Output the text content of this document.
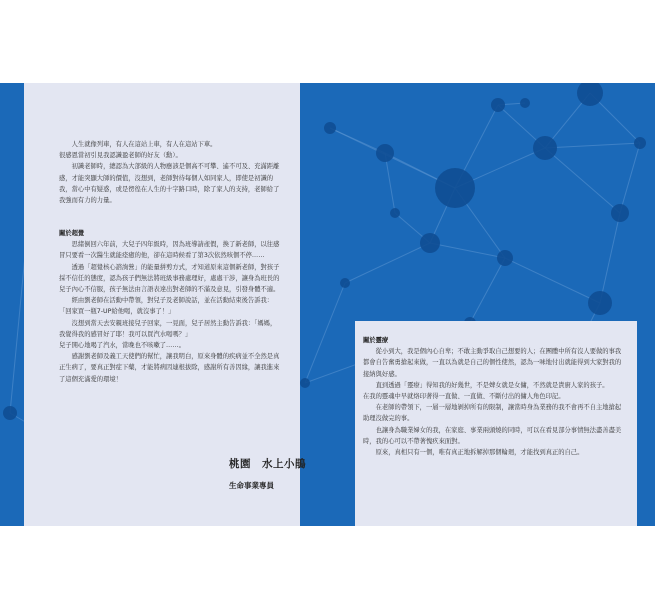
人生就像列車，有人在這站上車，有人在這站下車。
很感恩當初引見我認識盈老師的好友（勳）。
初識老師時，總認為大部級的人物應該是個高不可攀、遙不可及、充滿距離感，才能突顯大師的價值，沒想到，老師對待每個人如同家人，即使是初識的我，當心中有疑惑，或是徬徨在人生的十字路口時，除了家人的支持，老師給了我強而有力的力量。
關於超覺
思緒倒回六年前，大兒子四年級時，因為班導請產假，換了新老師，以往感冒只要看一次醫生就能痊癒的他，卻在這時候看了第3次依然咳個不停……
透過「超覺核心諮詢營」的能量拼剪方式，才知道原來這個新老師，對孩子採不信任的態度，認為孩子們無法將班級事務處理好，處處干涉，讓身為班長的兒子內心不信服，孩子無法由言語表達出對老師的不滿及意見，引發身體不適。
經由劉老師在活動中帶領，對兒子及老師說話，並在活動結束後告訴我：「回家買一瓶7-UP給他喝，就沒事了！」
沒想到當天去安親班接兒子回家，一見面，兒子居然主動告訴我：「媽媽，我覺得我的感冒好了耶！我可以買汽水喝嗎？」
兒子開心地喝了汽水，當晚也不咳嗽了……。
感謝劉老師及義工天使們的幫忙，讓我明白，原來身體的疾病並不全然是真正生病了，要真正對症下藥，才能將病因連根拔除，感謝所有善因緣，讓我進來了這個充滿愛的環境！
桃園　水上小鵑
生命事業專員
關於靈療
從小到大，我是個內心自卑；不敢主動爭取自己想要的人；在團體中所有沒人要做的事我都會自告奮勇搶起來做，一直以為就是自己的個性使然，認為一味地付出就能得到大家對我的接納與好感。
直到透過「靈療」得知我的好幾世，不是婢女就是女傭，不然就是貴廚人家的孩子。
在我的靈魂中早就烙印著得一直做、一直做、不斷付出的傭人角色印記。
在老師的帶領下，一層一層地剝掉所有的限制，讓當時身為業務的我不會再不自主地搶起助理沒做完的事。
也讓身為職業婦女的我，在家庭、事業兩頭燒的同時，可以在看見部分事情無法盡善盡美時，我的心可以不帶著愧疚來面對。
原來，真相只有一個，唯有真正地拆解掉那個輪廻，才能找到真正的自己。
